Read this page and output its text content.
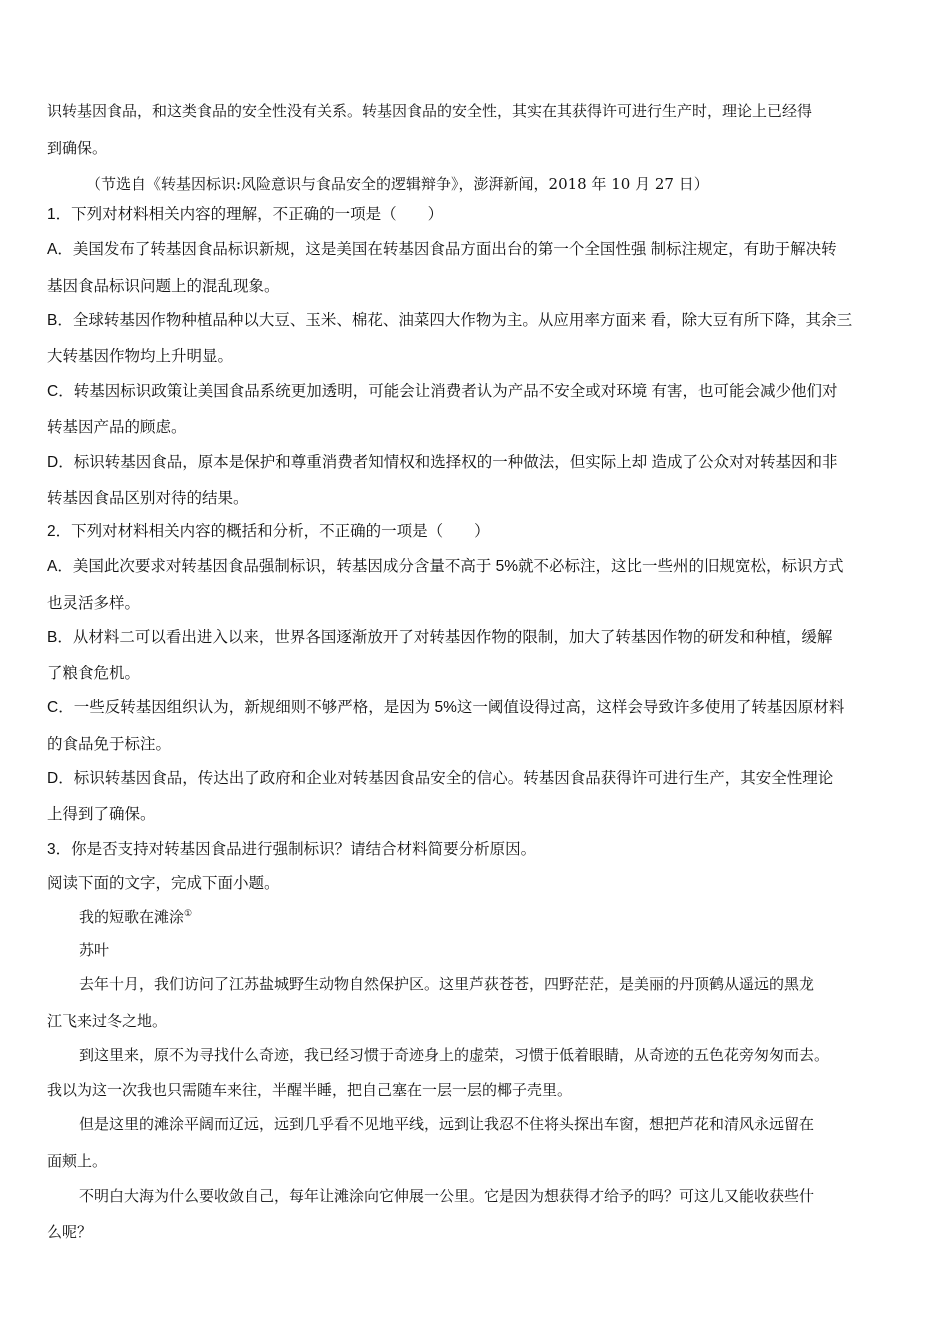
识转基因食品，和这类食品的安全性没有关系。转基因食品的安全性，其实在其获得许可进行生产时，理论上已经得
到确保。
（节选自《转基因标识:风险意识与食品安全的逻辑辩争》，澎湃新闻，2018 年 10 月 27 日）
1．下列对材料相关内容的理解，不正确的一项是（　　）
A．美国发布了转基因食品标识新规，这是美国在转基因食品方面出台的第一个全国性强 制标注规定，有助于解决转
基因食品标识问题上的混乱现象。
B．全球转基因作物种植品种以大豆、玉米、棉花、油菜四大作物为主。从应用率方面来 看，除大豆有所下降，其余三
大转基因作物均上升明显。
C．转基因标识政策让美国食品系统更加透明，可能会让消费者认为产品不安全或对环境 有害，也可能会减少他们对
转基因产品的顾虑。
D．标识转基因食品，原本是保护和尊重消费者知情权和选择权的一种做法，但实际上却 造成了公众对对转基因和非
转基因食品区别对待的结果。
2．下列对材料相关内容的概括和分析，不正确的一项是（　　）
A．美国此次要求对转基因食品强制标识，转基因成分含量不高于 5%就不必标注，这比一些州的旧规宽松，标识方式
也灵活多样。
B．从材料二可以看出进入以来，世界各国逐渐放开了对转基因作物的限制，加大了转基因作物的研发和种植，缓解
了粮食危机。
C．一些反转基因组织认为，新规细则不够严格，是因为 5%这一阈值设得过高，这样会导致许多使用了转基因原材料
的食品免于标注。
D．标识转基因食品，传达出了政府和企业对转基因食品安全的信心。转基因食品获得许可进行生产，其安全性理论
上得到了确保。
3．你是否支持对转基因食品进行强制标识？请结合材料简要分析原因。
阅读下面的文字，完成下面小题。
我的短歌在滩涂①
苏叶
去年十月，我们访问了江苏盐城野生动物自然保护区。这里芦荻苍苍，四野茫茫，是美丽的丹顶鹤从遥远的黑龙
江飞来过冬之地。
到这里来，原不为寻找什么奇迹，我已经习惯于奇迹身上的虚荣，习惯于低着眼睛，从奇迹的五色花旁匆匆而去。
我以为这一次我也只需随车来往，半醒半睡，把自己塞在一层一层的椰子壳里。
但是这里的滩涂平阔而辽远，远到几乎看不见地平线，远到让我忍不住将头探出车窗，想把芦花和清风永远留在
面颊上。
不明白大海为什么要收敛自己，每年让滩涂向它伸展一公里。它是因为想获得才给予的吗？可这儿又能收获些什
么呢？
